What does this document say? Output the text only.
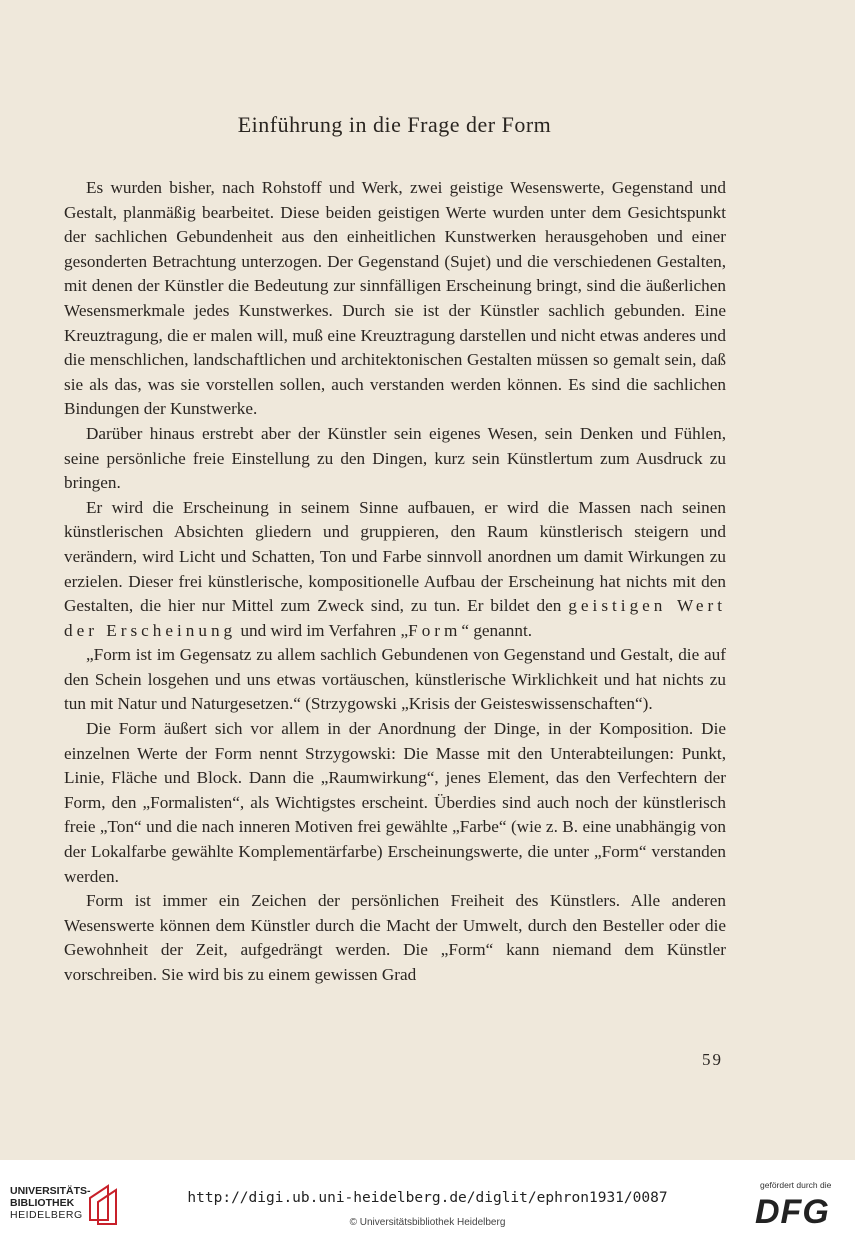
Einführung in die Frage der Form

Es wurden bisher, nach Rohstoff und Werk, zwei geistige Wesenswerte, Gegenstand und Gestalt, planmäßig bearbeitet. Diese beiden geistigen Werte wurden unter dem Gesichtspunkt der sachlichen Gebundenheit aus den einheitlichen Kunstwerken herausgehoben und einer gesonderten Betrachtung unterzogen. Der Gegenstand (Sujet) und die verschiedenen Gestalten, mit denen der Künstler die Bedeutung zur sinnfälligen Erscheinung bringt, sind die äußerlichen Wesensmerkmale jedes Kunstwerkes. Durch sie ist der Künstler sachlich gebunden. Eine Kreuztragung, die er malen will, muß eine Kreuztragung darstellen und nicht etwas anderes und die menschlichen, landschaftlichen und architektonischen Gestalten müssen so gemalt sein, daß sie als das, was sie vorstellen sollen, auch verstanden werden können. Es sind die sachlichen Bindungen der Kunstwerke.

Darüber hinaus erstrebt aber der Künstler sein eigenes Wesen, sein Denken und Fühlen, seine persönliche freie Einstellung zu den Dingen, kurz sein Künstlertum zum Ausdruck zu bringen.

Er wird die Erscheinung in seinem Sinne aufbauen, er wird die Massen nach seinen künstlerischen Absichten gliedern und gruppieren, den Raum künstlerisch steigern und verändern, wird Licht und Schatten, Ton und Farbe sinnvoll anordnen um damit Wirkungen zu erzielen. Dieser frei künstlerische, kompositionelle Aufbau der Erscheinung hat nichts mit den Gestalten, die hier nur Mittel zum Zweck sind, zu tun. Er bildet den geistigen Wert der Erscheinung und wird im Verfahren „Form“ genannt.

„Form ist im Gegensatz zu allem sachlich Gebundenen von Gegenstand und Gestalt, die auf den Schein losgehen und uns etwas vortäuschen, künstlerische Wirklichkeit und hat nichts zu tun mit Natur und Naturgesetzen.“ (Strzygowski „Krisis der Geisteswissenschaften“).

Die Form äußert sich vor allem in der Anordnung der Dinge, in der Komposition. Die einzelnen Werte der Form nennt Strzygowski: Die Masse mit den Unterabteilungen: Punkt, Linie, Fläche und Block. Dann die „Raumwirkung“, jenes Element, das den Verfechtern der Form, den „Formalisten“, als Wichtigstes erscheint. Überdies sind auch noch der künstlerisch freie „Ton“ und die nach inneren Motiven frei gewählte „Farbe“ (wie z. B. eine unabhängig von der Lokalfarbe gewählte Komplementärfarbe) Erscheinungswerte, die unter „Form“ verstanden werden.

Form ist immer ein Zeichen der persönlichen Freiheit des Künstlers. Alle anderen Wesenswerte können dem Künstler durch die Macht der Umwelt, durch den Besteller oder die Gewohnheit der Zeit, aufgedrängt werden. Die „Form“ kann niemand dem Künstler vorschreiben. Sie wird bis zu einem gewissen Grad

59
UNIVERSITÄTS-
BIBLIOTHEK
HEIDELBERG
http://digi.ub.uni-heidelberg.de/diglit/ephron1931/0087
© Universitätsbibliothek Heidelberg
gefördert durch die
DFG
